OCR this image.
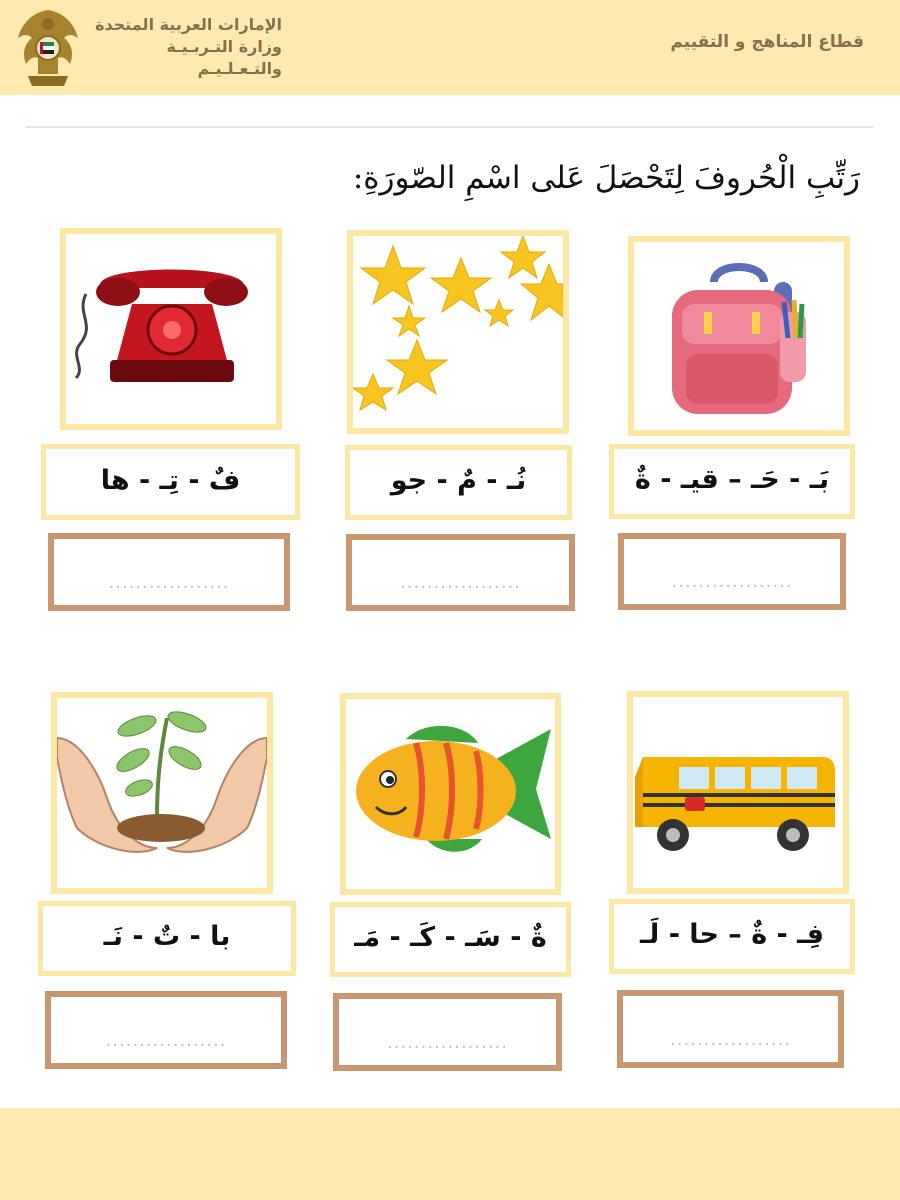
الإمارات العربية المتحدة
وزارة التـربـيـة والتـعـلـيـم
قطاع المناهج و التقييم
رَتِّبِ الْحُروفَ لِتَحْصَلَ عَلى اسْمِ الصّورَةِ:
بَـ - حَـ – قيـ - ةٌ
..................
نُـ - مٌ - جو
..................
فٌ - تِـ - ها
..................
فِـ - ةٌ – حا - لَـ
..................
ةٌ - سَـ - كَـ - مَـ
..................
با - تٌ - نَـ
..................
